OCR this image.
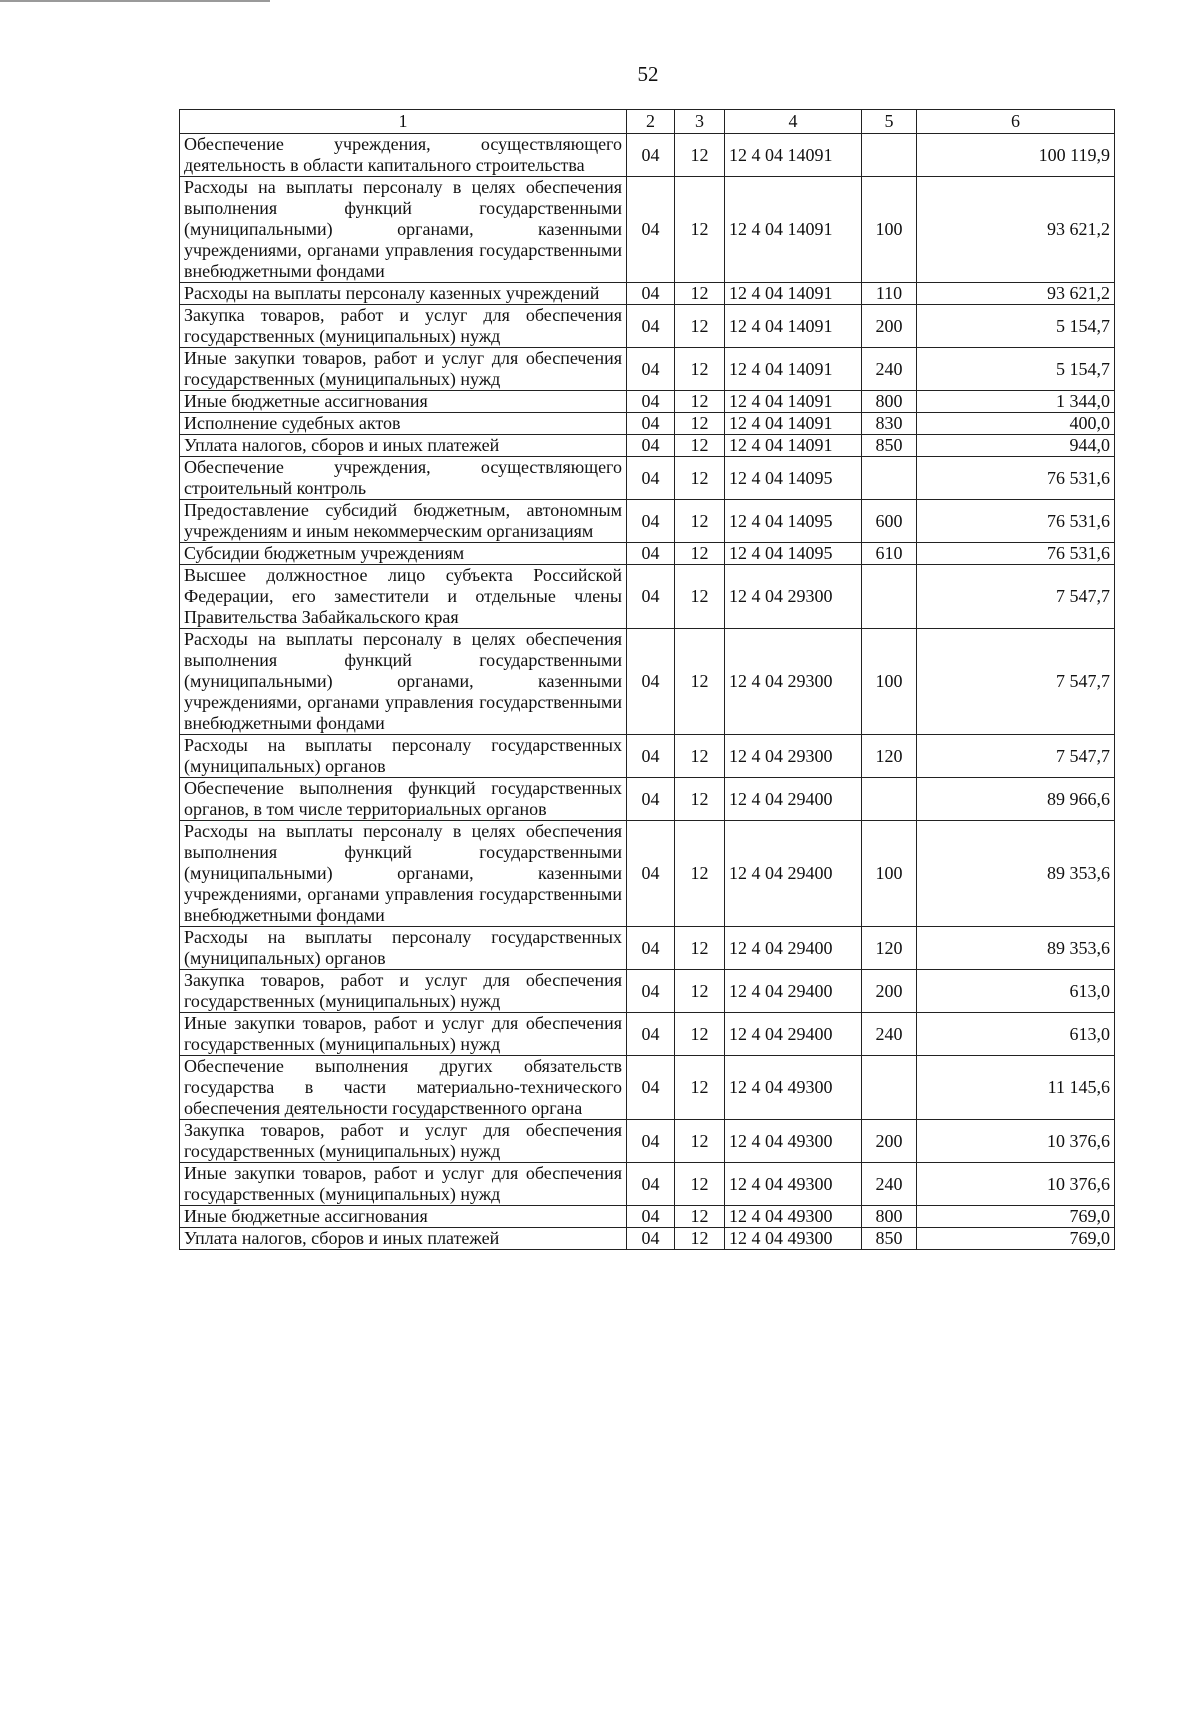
52
1	2	3	4	5	6
Обеспечение учреждения, осуществляющего деятельность в области капитального строительства	04	12	12 4 04 14091		100 119,9
Расходы на выплаты персоналу в целях обеспечения выполнения функций государственными (муниципальными) органами, казенными учреждениями, органами управления государственными внебюджетными фондами	04	12	12 4 04 14091	100	93 621,2
Расходы на выплаты персоналу казенных учреждений	04	12	12 4 04 14091	110	93 621,2
Закупка товаров, работ и услуг для обеспечения государственных (муниципальных) нужд	04	12	12 4 04 14091	200	5 154,7
Иные закупки товаров, работ и услуг для обеспечения государственных (муниципальных) нужд	04	12	12 4 04 14091	240	5 154,7
Иные бюджетные ассигнования	04	12	12 4 04 14091	800	1 344,0
Исполнение судебных актов	04	12	12 4 04 14091	830	400,0
Уплата налогов, сборов и иных платежей	04	12	12 4 04 14091	850	944,0
Обеспечение учреждения, осуществляющего строительный контроль	04	12	12 4 04 14095		76 531,6
Предоставление субсидий бюджетным, автономным учреждениям и иным некоммерческим организациям	04	12	12 4 04 14095	600	76 531,6
Субсидии бюджетным учреждениям	04	12	12 4 04 14095	610	76 531,6
Высшее должностное лицо субъекта Российской Федерации, его заместители и отдельные члены Правительства Забайкальского края	04	12	12 4 04 29300		7 547,7
Расходы на выплаты персоналу в целях обеспечения выполнения функций государственными (муниципальными) органами, казенными учреждениями, органами управления государственными внебюджетными фондами	04	12	12 4 04 29300	100	7 547,7
Расходы на выплаты персоналу государственных (муниципальных) органов	04	12	12 4 04 29300	120	7 547,7
Обеспечение выполнения функций государственных органов, в том числе территориальных органов	04	12	12 4 04 29400		89 966,6
Расходы на выплаты персоналу в целях обеспечения выполнения функций государственными (муниципальными) органами, казенными учреждениями, органами управления государственными внебюджетными фондами	04	12	12 4 04 29400	100	89 353,6
Расходы на выплаты персоналу государственных (муниципальных) органов	04	12	12 4 04 29400	120	89 353,6
Закупка товаров, работ и услуг для обеспечения государственных (муниципальных) нужд	04	12	12 4 04 29400	200	613,0
Иные закупки товаров, работ и услуг для обеспечения государственных (муниципальных) нужд	04	12	12 4 04 29400	240	613,0
Обеспечение выполнения других обязательств государства в части материально-технического обеспечения деятельности государственного органа	04	12	12 4 04 49300		11 145,6
Закупка товаров, работ и услуг для обеспечения государственных (муниципальных) нужд	04	12	12 4 04 49300	200	10 376,6
Иные закупки товаров, работ и услуг для обеспечения государственных (муниципальных) нужд	04	12	12 4 04 49300	240	10 376,6
Иные бюджетные ассигнования	04	12	12 4 04 49300	800	769,0
Уплата налогов, сборов и иных платежей	04	12	12 4 04 49300	850	769,0
